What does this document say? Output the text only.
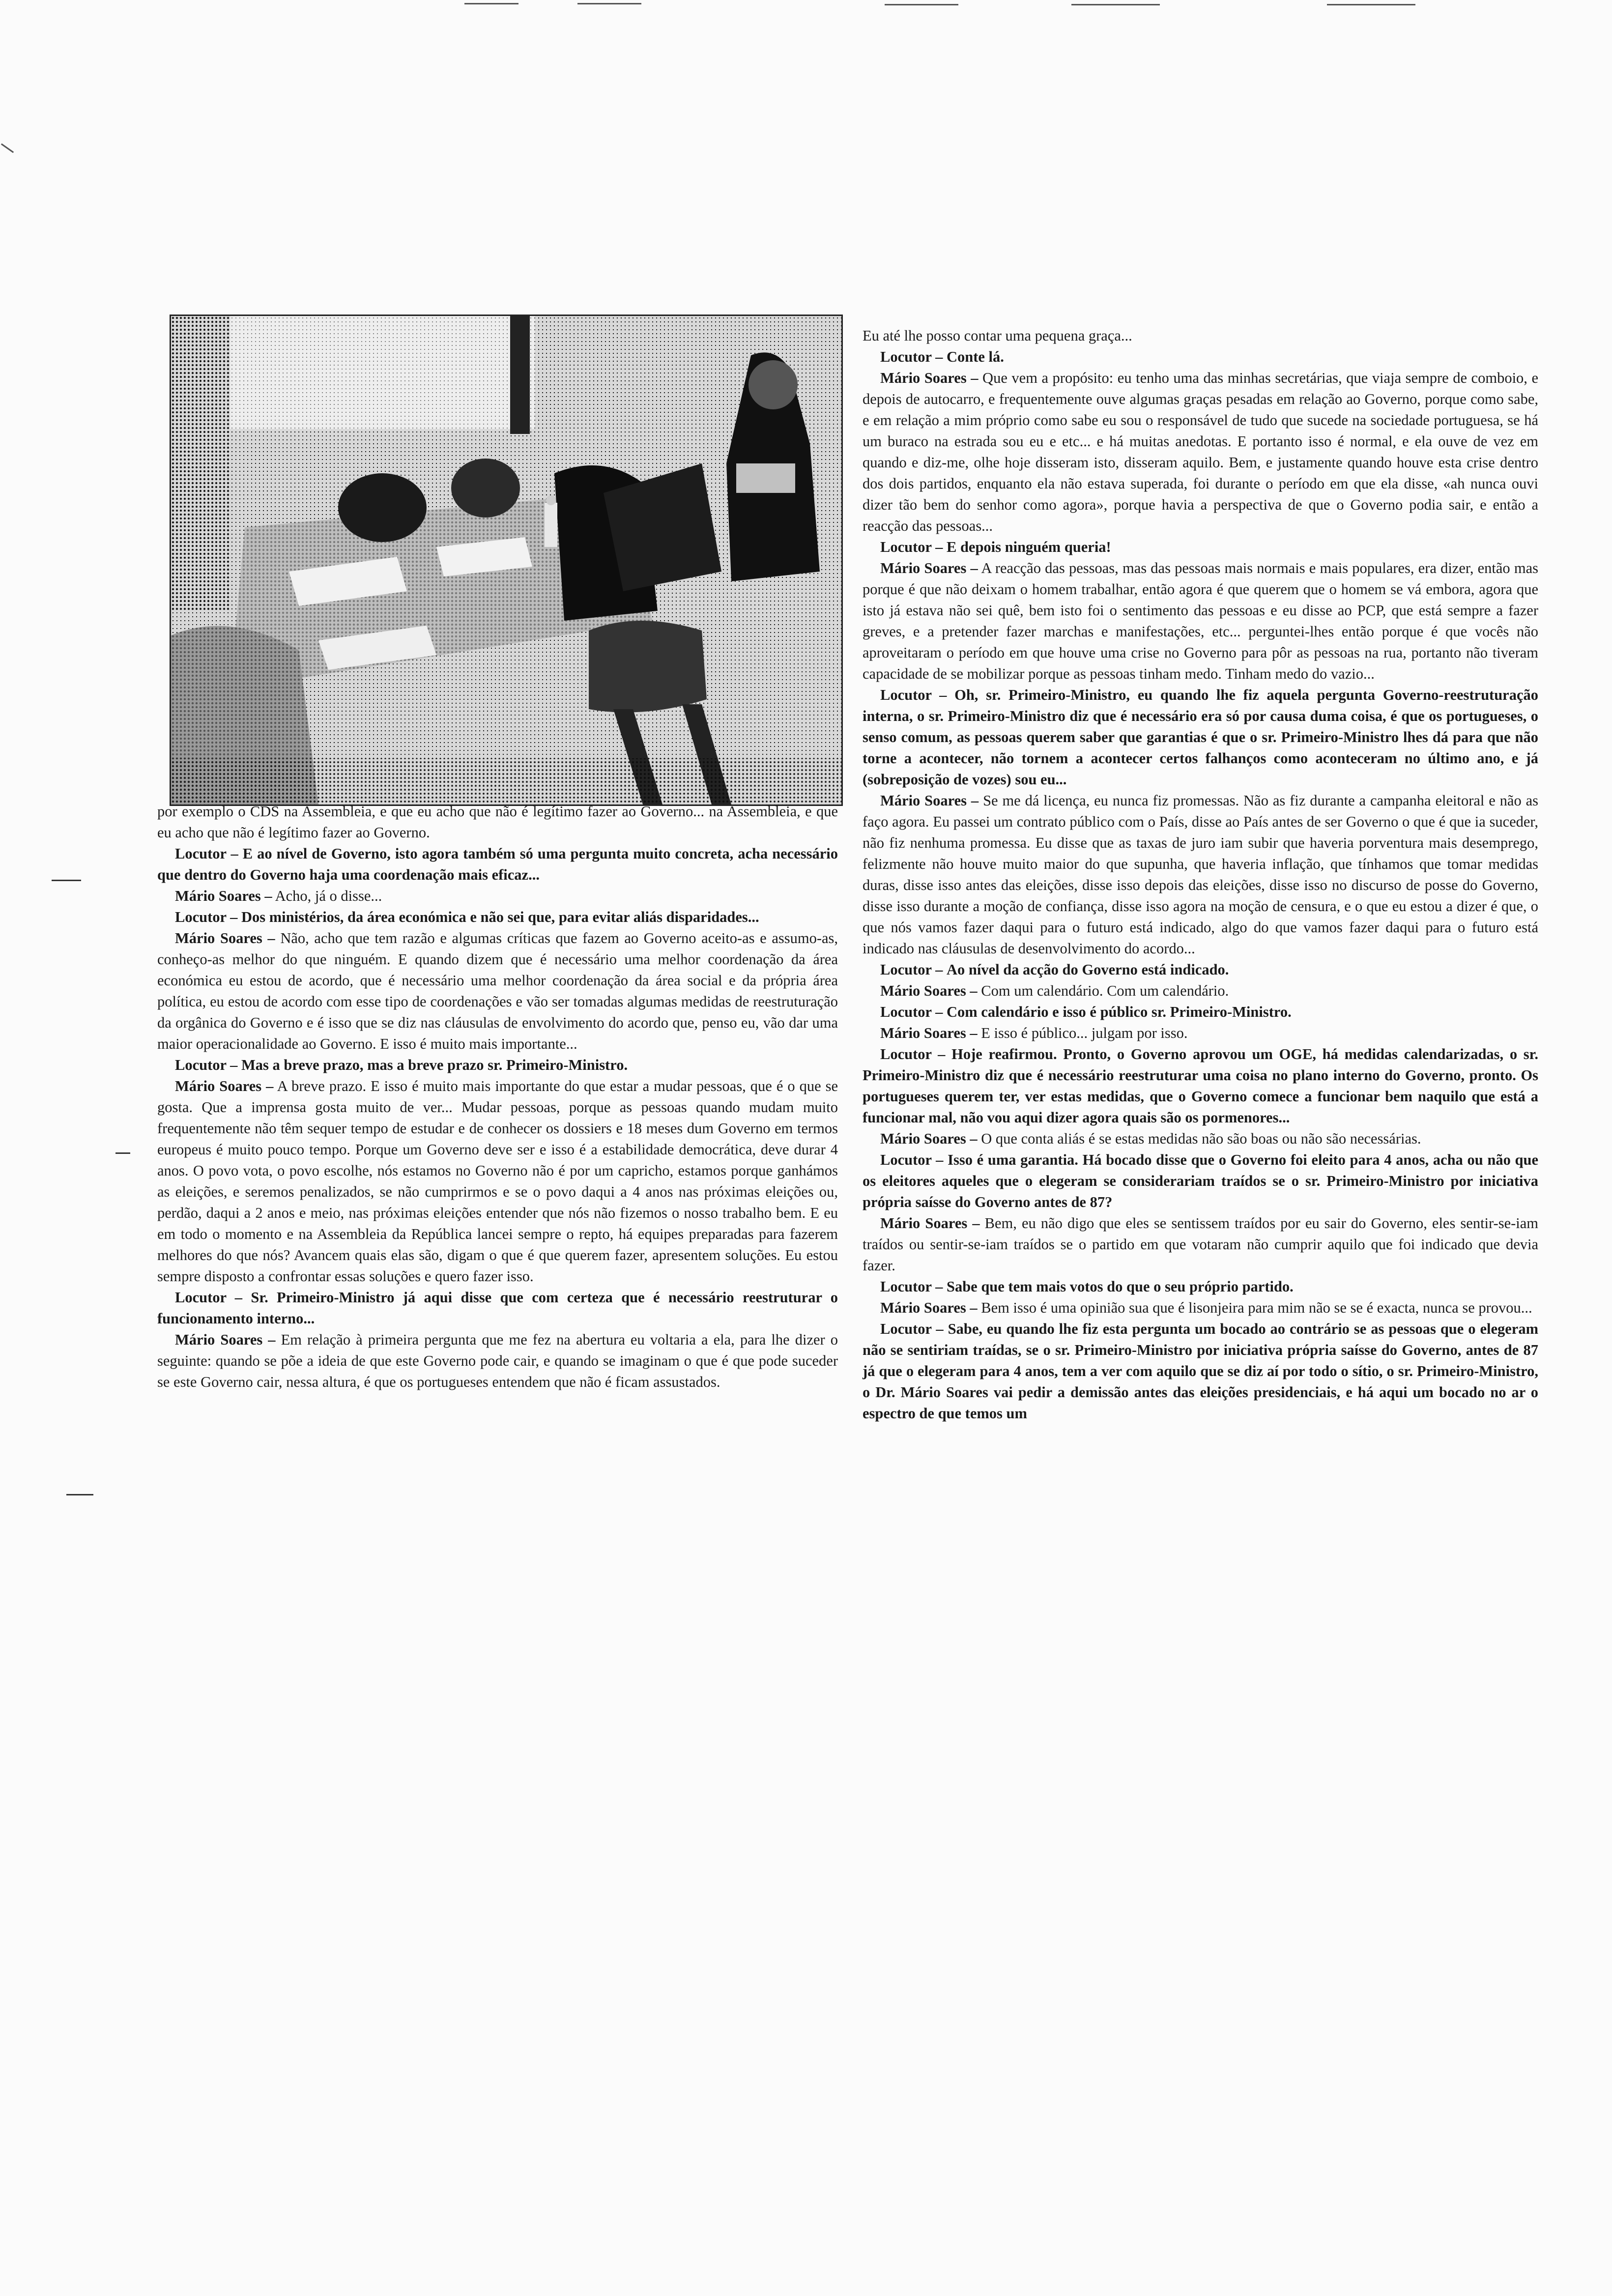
por exemplo o CDS na Assembleia, e que eu acho que não é legítimo fazer ao Governo... na Assembleia, e que eu acho que não é legítimo fazer ao Governo.

Locutor – E ao nível de Governo, isto agora também só uma pergunta muito concreta, acha necessário que dentro do Governo haja uma coordenação mais eficaz...

Mário Soares – Acho, já o disse...

Locutor – Dos ministérios, da área económica e não sei que, para evitar aliás disparidades...

Mário Soares – Não, acho que tem razão e algumas críticas que fazem ao Governo aceito-as e assumo-as, conheço-as melhor do que ninguém. E quando dizem que é necessário uma melhor coordenação da área económica eu estou de acordo, que é necessário uma melhor coordenação da área social e da própria área política, eu estou de acordo com esse tipo de coordenações e vão ser tomadas algumas medidas de reestruturação da orgânica do Governo e é isso que se diz nas cláusulas de envolvimento do acordo que, penso eu, vão dar uma maior operacionalidade ao Governo. E isso é muito mais importante...

Locutor – Mas a breve prazo, mas a breve prazo sr. Primeiro-Ministro.

Mário Soares – A breve prazo. E isso é muito mais importante do que estar a mudar pessoas, que é o que se gosta. Que a imprensa gosta muito de ver... Mudar pessoas, porque as pessoas quando mudam muito frequentemente não têm sequer tempo de estudar e de conhecer os dossiers e 18 meses dum Governo em termos europeus é muito pouco tempo. Porque um Governo deve ser e isso é a estabilidade democrática, deve durar 4 anos. O povo vota, o povo escolhe, nós estamos no Governo não é por um capricho, estamos porque ganhámos as eleições, e seremos penalizados, se não cumprirmos e se o povo daqui a 4 anos nas próximas eleições ou, perdão, daqui a 2 anos e meio, nas próximas eleições entender que nós não fizemos o nosso trabalho bem. E eu em todo o momento e na Assembleia da República lancei sempre o repto, há equipes preparadas para fazerem melhores do que nós? Avancem quais elas são, digam o que é que querem fazer, apresentem soluções. Eu estou sempre disposto a confrontar essas soluções e quero fazer isso.

Locutor – Sr. Primeiro-Ministro já aqui disse que com certeza que é necessário reestruturar o funcionamento interno...

Mário Soares – Em relação à primeira pergunta que me fez na abertura eu voltaria a ela, para lhe dizer o seguinte: quando se põe a ideia de que este Governo pode cair, e quando se imaginam o que é que pode suceder se este Governo cair, nessa altura, é que os portugueses entendem que não é ficam assustados.

Eu até lhe posso contar uma pequena graça...

Locutor – Conte lá.

Mário Soares – Que vem a propósito: eu tenho uma das minhas secretárias, que viaja sempre de comboio, e depois de autocarro, e frequentemente ouve algumas graças pesadas em relação ao Governo, porque como sabe, e em relação a mim próprio como sabe eu sou o responsável de tudo que sucede na sociedade portuguesa, se há um buraco na estrada sou eu e etc... e há muitas anedotas. E portanto isso é normal, e ela ouve de vez em quando e diz-me, olhe hoje disseram isto, disseram aquilo. Bem, e justamente quando houve esta crise dentro dos dois partidos, enquanto ela não estava superada, foi durante o período em que ela disse, «ah nunca ouvi dizer tão bem do senhor como agora», porque havia a perspectiva de que o Governo podia sair, e então a reacção das pessoas...

Locutor – E depois ninguém queria!

Mário Soares – A reacção das pessoas, mas das pessoas mais normais e mais populares, era dizer, então mas porque é que não deixam o homem trabalhar, então agora é que querem que o homem se vá embora, agora que isto já estava não sei quê, bem isto foi o sentimento das pessoas e eu disse ao PCP, que está sempre a fazer greves, e a pretender fazer marchas e manifestações, etc... perguntei-lhes então porque é que vocês não aproveitaram o período em que houve uma crise no Governo para pôr as pessoas na rua, portanto não tiveram capacidade de se mobilizar porque as pessoas tinham medo. Tinham medo do vazio...

Locutor – Oh, sr. Primeiro-Ministro, eu quando lhe fiz aquela pergunta Governo-reestruturação interna, o sr. Primeiro-Ministro diz que é necessário era só por causa duma coisa, é que os portugueses, o senso comum, as pessoas querem saber que garantias é que o sr. Primeiro-Ministro lhes dá para que não torne a acontecer, não tornem a acontecer certos falhanços como aconteceram no último ano, e já (sobreposição de vozes) sou eu...

Mário Soares – Se me dá licença, eu nunca fiz promessas. Não as fiz durante a campanha eleitoral e não as faço agora. Eu passei um contrato público com o País, disse ao País antes de ser Governo o que é que ia suceder, não fiz nenhuma promessa. Eu disse que as taxas de juro iam subir que haveria porventura mais desemprego, felizmente não houve muito maior do que supunha, que haveria inflação, que tínhamos que tomar medidas duras, disse isso antes das eleições, disse isso depois das eleições, disse isso no discurso de posse do Governo, disse isso durante a moção de confiança, disse isso agora na moção de censura, e o que eu estou a dizer é que, o que nós vamos fazer daqui para o futuro está indicado, algo do que vamos fazer daqui para o futuro está indicado nas cláusulas de desenvolvimento do acordo...

Locutor – Ao nível da acção do Governo está indicado.

Mário Soares – Com um calendário. Com um calendário.

Locutor – Com calendário e isso é público sr. Primeiro-Ministro.

Mário Soares – E isso é público... julgam por isso.

Locutor – Hoje reafirmou. Pronto, o Governo aprovou um OGE, há medidas calendarizadas, o sr. Primeiro-Ministro diz que é necessário reestruturar uma coisa no plano interno do Governo, pronto. Os portugueses querem ter, ver estas medidas, que o Governo comece a funcionar bem naquilo que está a funcionar mal, não vou aqui dizer agora quais são os pormenores...

Mário Soares – O que conta aliás é se estas medidas não são boas ou não são necessárias.

Locutor – Isso é uma garantia. Há bocado disse que o Governo foi eleito para 4 anos, acha ou não que os eleitores aqueles que o elegeram se considerariam traídos se o sr. Primeiro-Ministro por iniciativa própria saísse do Governo antes de 87?

Mário Soares – Bem, eu não digo que eles se sentissem traídos por eu sair do Governo, eles sentir-se-iam traídos ou sentir-se-iam traídos se o partido em que votaram não cumprir aquilo que foi indicado que devia fazer.

Locutor – Sabe que tem mais votos do que o seu próprio partido.

Mário Soares – Bem isso é uma opinião sua que é lisonjeira para mim não se se é exacta, nunca se provou...

Locutor – Sabe, eu quando lhe fiz esta pergunta um bocado ao contrário se as pessoas que o elegeram não se sentiriam traídas, se o sr. Primeiro-Ministro por iniciativa própria saísse do Governo, antes de 87 já que o elegeram para 4 anos, tem a ver com aquilo que se diz aí por todo o sítio, o sr. Primeiro-Ministro, o Dr. Mário Soares vai pedir a demissão antes das eleições presidenciais, e há aqui um bocado no ar o espectro de que temos um
